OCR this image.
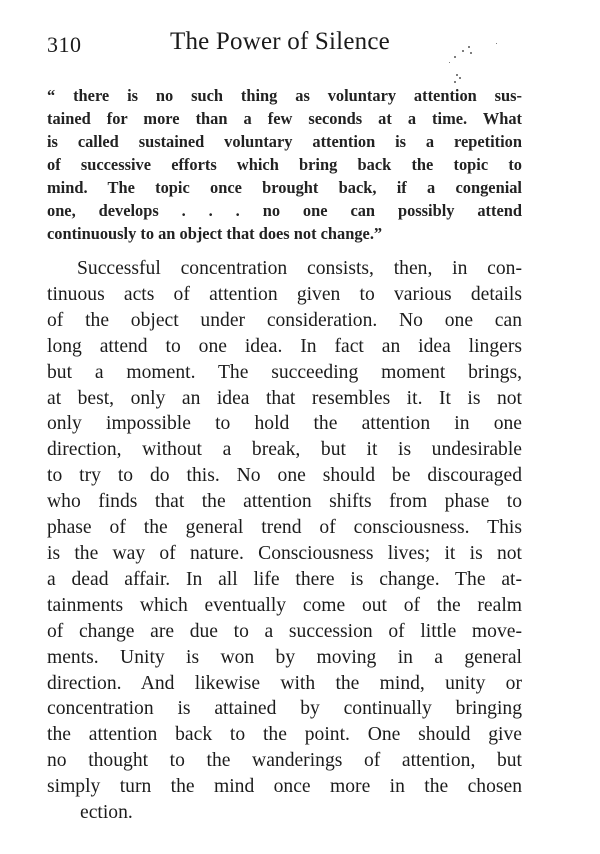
310	The Power of Silence
“ there is no such thing as voluntary attention sus-
tained for more than a few seconds at a time. What
is called sustained voluntary attention is a repetition
of successive efforts which bring back the topic to
mind. The topic once brought back, if a congenial
one, develops . . . no one can possibly attend
continuously to an object that does not change.”
Successful concentration consists, then, in con-
tinuous acts of attention given to various details
of the object under consideration. No one can
long attend to one idea. In fact an idea lingers
but a moment. The succeeding moment brings,
at best, only an idea that resembles it. It is not
only impossible to hold the attention in one
direction, without a break, but it is undesirable
to try to do this. No one should be discouraged
who finds that the attention shifts from phase to
phase of the general trend of consciousness. This
is the way of nature. Consciousness lives; it is not
a dead affair. In all life there is change. The at-
tainments which eventually come out of the realm
of change are due to a succession of little move-
ments. Unity is won by moving in a general
direction. And likewise with the mind, unity or
concentration is attained by continually bringing
the attention back to the point. One should give
no thought to the wanderings of attention, but
simply turn the mind once more in the chosen
ection.
